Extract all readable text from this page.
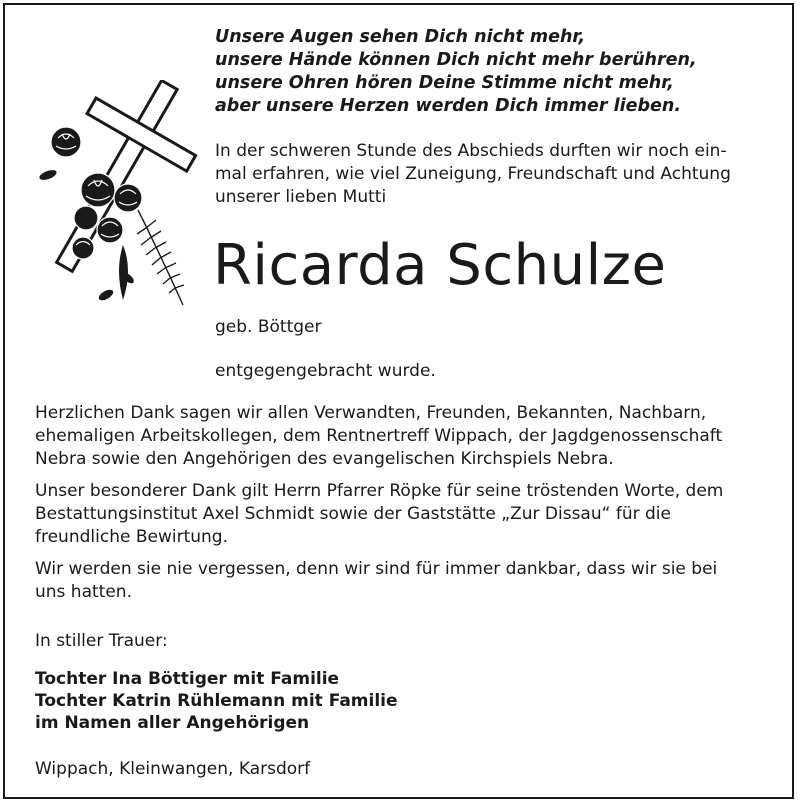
Unsere Augen sehen Dich nicht mehr,
unsere Hände können Dich nicht mehr berühren,
unsere Ohren hören Deine Stimme nicht mehr,
aber unsere Herzen werden Dich immer lieben.
In der schweren Stunde des Abschieds durften wir noch ein-
mal erfahren, wie viel Zuneigung, Freundschaft und Achtung
unserer lieben Mutti
Ricarda Schulze
geb. Böttger
entgegengebracht wurde.
Herzlichen Dank sagen wir allen Verwandten, Freunden, Bekannten, Nachbarn,
ehemaligen Arbeitskollegen, dem Rentnertreff Wippach, der Jagdgenossenschaft
Nebra sowie den Angehörigen des evangelischen Kirchspiels Nebra.
Unser besonderer Dank gilt Herrn Pfarrer Röpke für seine tröstenden Worte, dem
Bestattungsinstitut Axel Schmidt sowie der Gaststätte „Zur Dissau“ für die
freundliche Bewirtung.
Wir werden sie nie vergessen, denn wir sind für immer dankbar, dass wir sie bei
uns hatten.
In stiller Trauer:
Tochter Ina Böttiger mit Familie
Tochter Katrin Rühlemann mit Familie
im Namen aller Angehörigen
Wippach, Kleinwangen, Karsdorf
